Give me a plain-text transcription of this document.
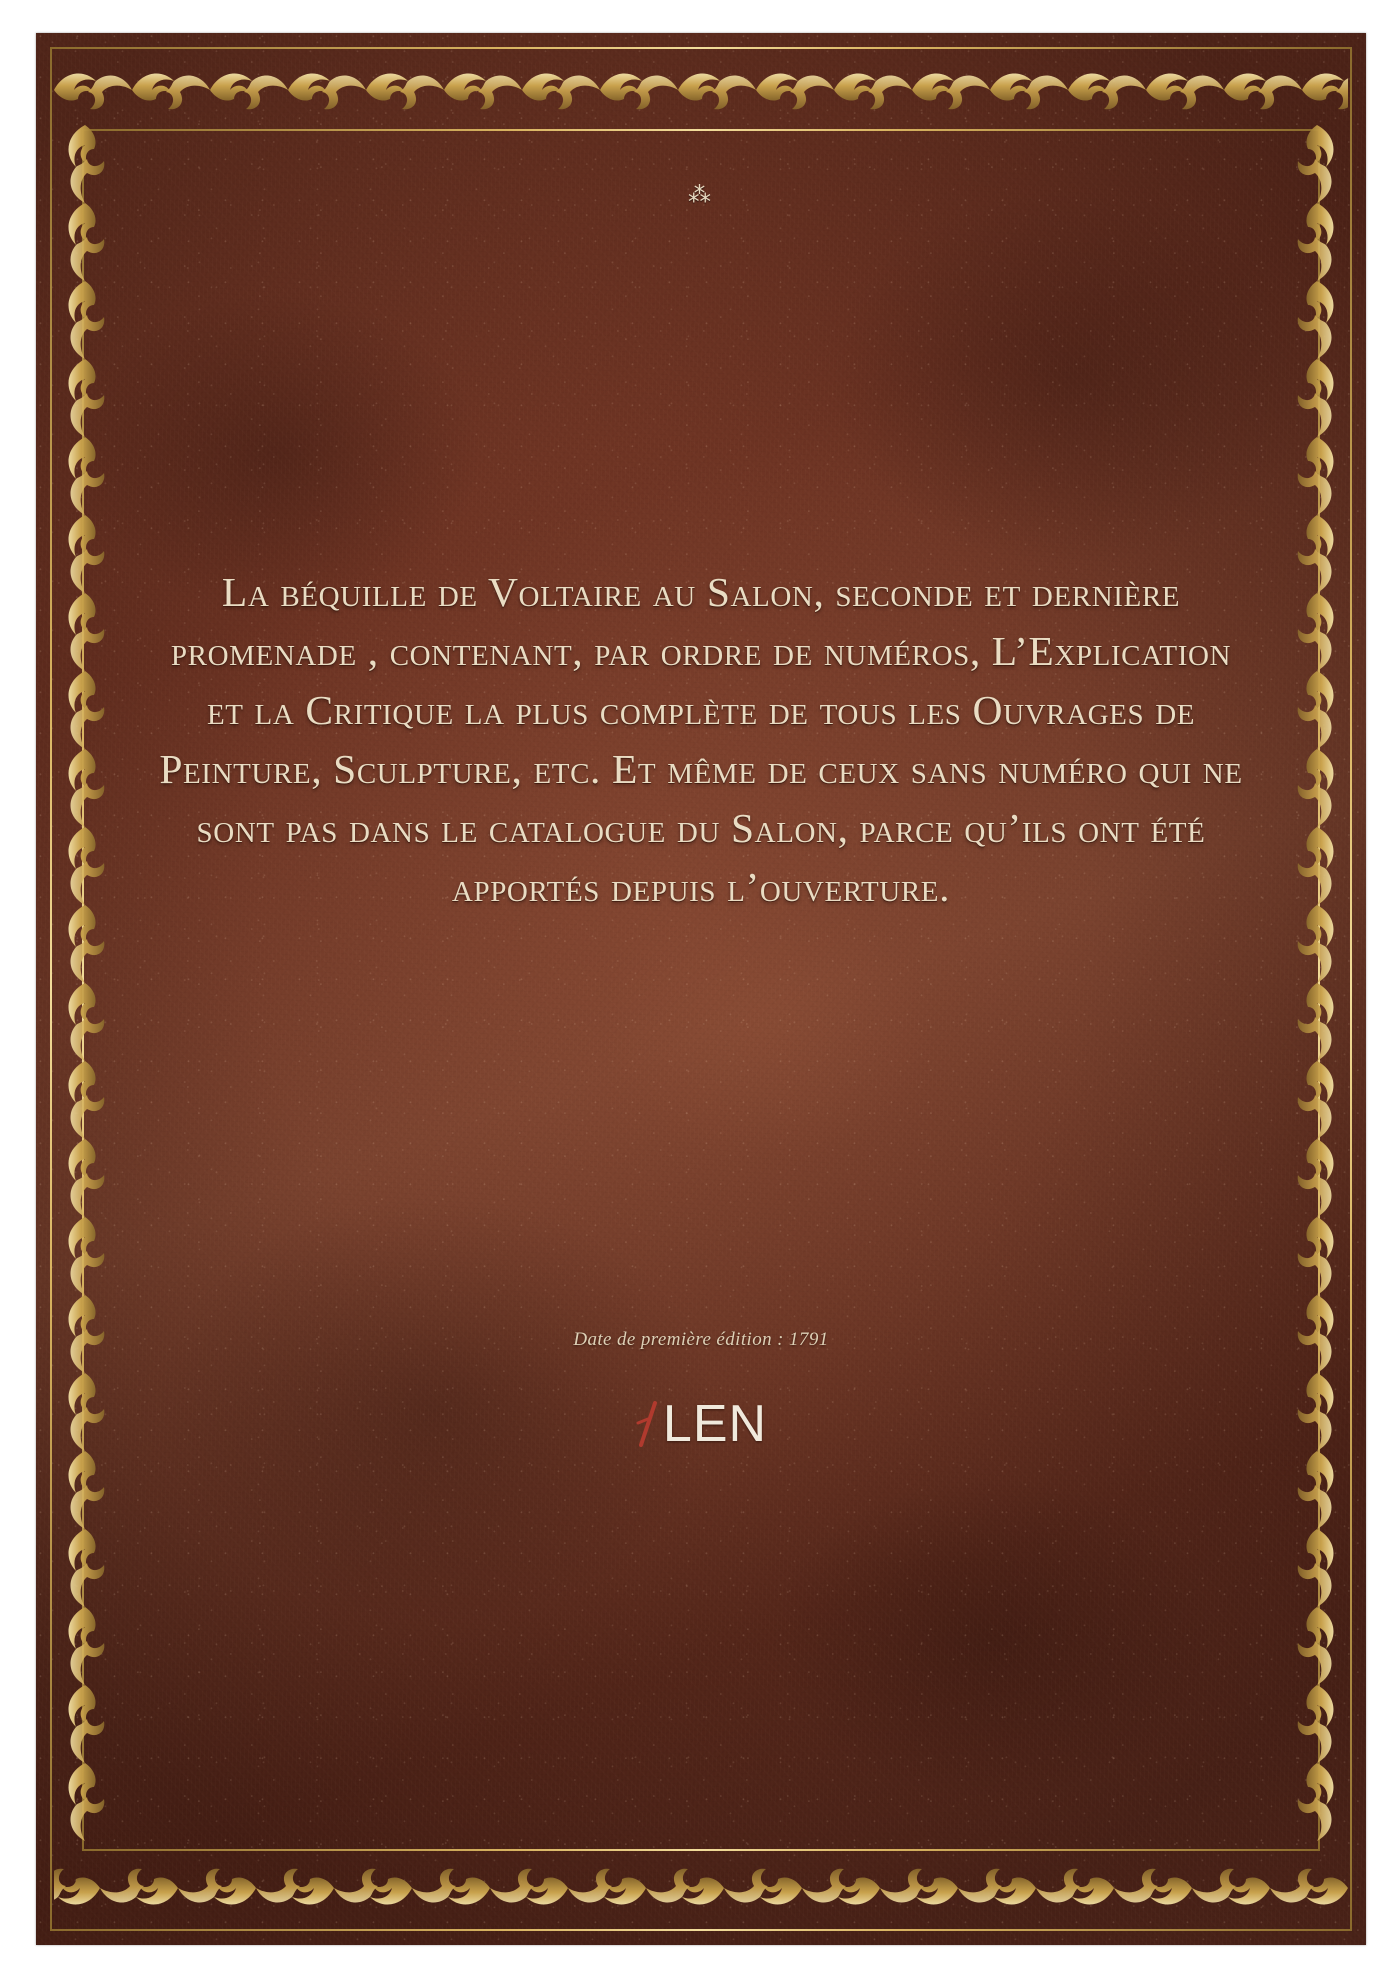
⁂
La béquille de Voltaire au Salon, seconde et dernière promenade , contenant, par ordre de numéros, L’Explication et la Critique la plus complète de tous les Ouvrages de Peinture, Sculpture, etc. Et même de ceux sans numéro qui ne sont pas dans le catalogue du Salon, parce qu’ils ont été apportés depuis l’ouverture.
Date de première édition : 1791
LEN
